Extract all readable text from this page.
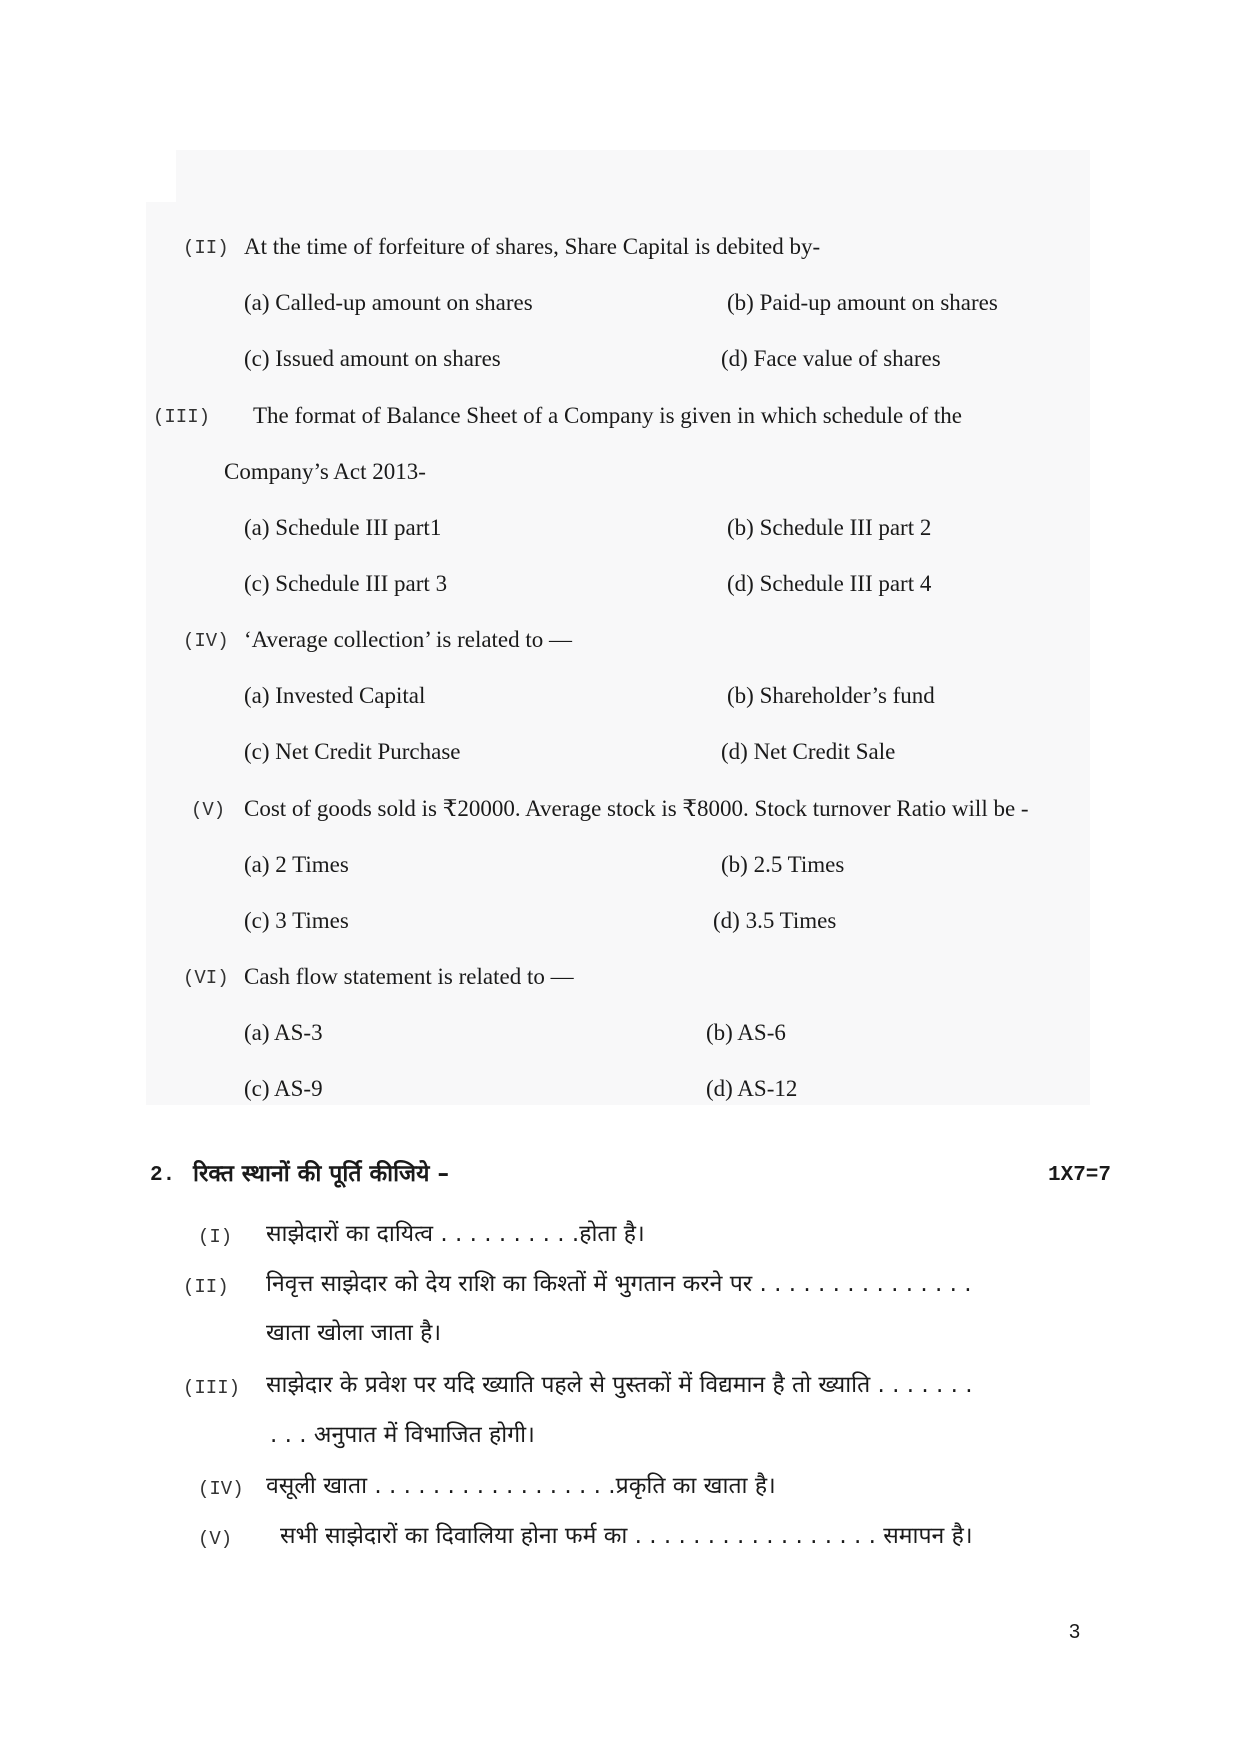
(II) At the time of forfeiture of shares, Share Capital is debited by-
(a) Called-up amount on shares	(b) Paid-up amount on shares
(c) Issued amount on shares	(d) Face value of shares
(III) The format of Balance Sheet of a Company is given in which schedule of the
Company’s Act 2013-
(a) Schedule III part1	(b) Schedule III part 2
(c) Schedule III part 3	(d) Schedule III part 4
(IV) ‘Average collection’ is related to —
(a) Invested Capital	(b) Shareholder’s fund
(c) Net Credit Purchase	(d) Net Credit Sale
(V) Cost of goods sold is ₹20000. Average stock is ₹8000. Stock turnover Ratio will be -
(a) 2 Times	(b) 2.5 Times
(c) 3 Times	(d) 3.5 Times
(VI) Cash flow statement is related to —
(a) AS-3	(b) AS-6
(c) AS-9	(d) AS-12
2. रिक्त स्थानों की पूर्ति कीजिये –	1X7=7
(I) साझेदारों का दायित्व . . . . . . . . . .होता है।
(II) निवृत्त साझेदार को देय राशि का किश्तों में भुगतान करने पर . . . . . . . . . . . . . . .
खाता खोला जाता है।
(III) साझेदार के प्रवेश पर यदि ख्याति पहले से पुस्तकों में विद्यमान है तो ख्याति . . . . . . .
. . . अनुपात में विभाजित होगी।
(IV) वसूली खाता . . . . . . . . . . . . . . . . .प्रकृति का खाता है।
(V) सभी साझेदारों का दिवालिया होना फर्म का . . . . . . . . . . . . . . . . . समापन है।
3
